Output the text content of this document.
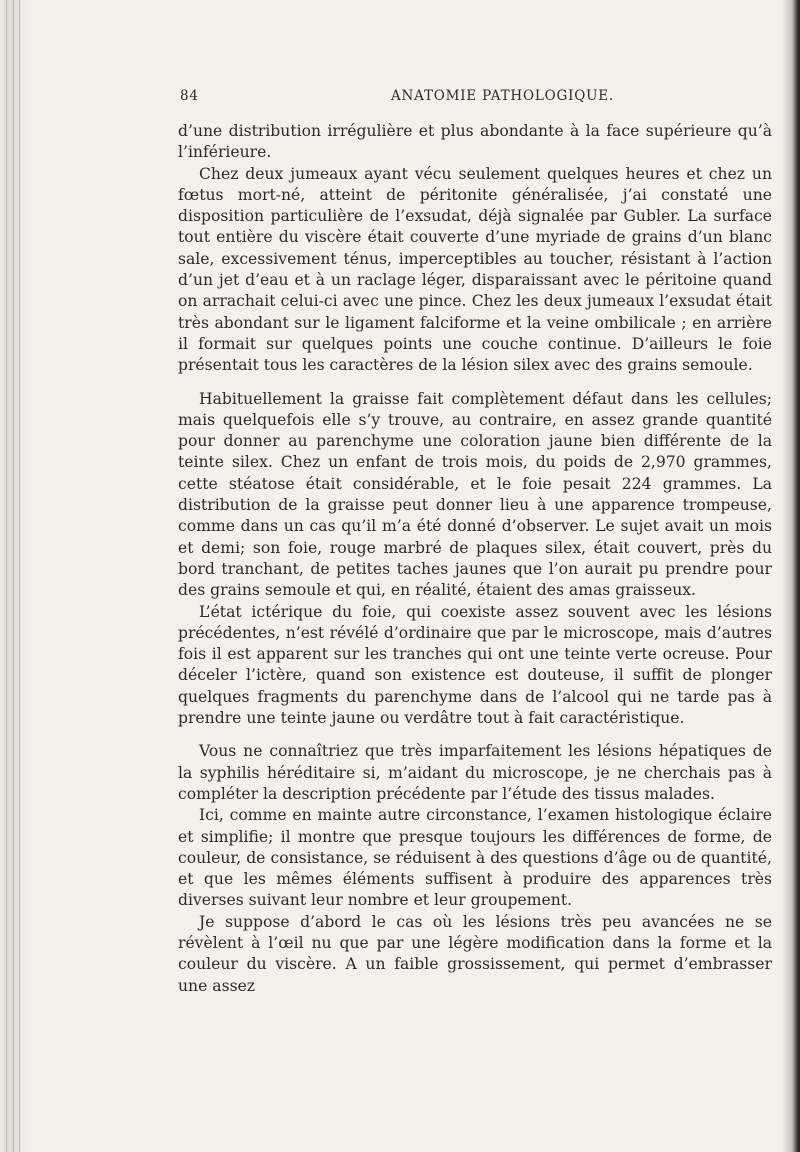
84	ANATOMIE PATHOLOGIQUE.

d’une distribution irrégulière et plus abondante à la face supérieure qu’à l’inférieure.

Chez deux jumeaux ayant vécu seulement quelques heures et chez un fœtus mort-né, atteint de péritonite généralisée, j’ai constaté une disposition particulière de l’exsudat, déjà signalée par Gubler. La surface tout entière du viscère était couverte d’une myriade de grains d’un blanc sale, excessivement ténus, imperceptibles au toucher, résistant à l’action d’un jet d’eau et à un raclage léger, disparaissant avec le péritoine quand on arrachait celui-ci avec une pince. Chez les deux jumeaux l’exsudat était très abondant sur le ligament falciforme et la veine ombilicale ; en arrière il formait sur quelques points une couche continue. D’ailleurs le foie présentait tous les caractères de la lésion silex avec des grains semoule.

Habituellement la graisse fait complètement défaut dans les cellules; mais quelquefois elle s’y trouve, au contraire, en assez grande quantité pour donner au parenchyme une coloration jaune bien différente de la teinte silex. Chez un enfant de trois mois, du poids de 2,970 grammes, cette stéatose était considérable, et le foie pesait 224 grammes. La distribution de la graisse peut donner lieu à une apparence trompeuse, comme dans un cas qu’il m’a été donné d’observer. Le sujet avait un mois et demi; son foie, rouge marbré de plaques silex, était couvert, près du bord tranchant, de petites taches jaunes que l’on aurait pu prendre pour des grains semoule et qui, en réalité, étaient des amas graisseux.

L’état ictérique du foie, qui coexiste assez souvent avec les lésions précédentes, n’est révélé d’ordinaire que par le microscope, mais d’autres fois il est apparent sur les tranches qui ont une teinte verte ocreuse. Pour déceler l’ictère, quand son existence est douteuse, il suffit de plonger quelques fragments du parenchyme dans de l’alcool qui ne tarde pas à prendre une teinte jaune ou verdâtre tout à fait caractéristique.

Vous ne connaîtriez que très imparfaitement les lésions hépatiques de la syphilis héréditaire si, m’aidant du microscope, je ne cherchais pas à compléter la description précédente par l’étude des tissus malades.

Ici, comme en mainte autre circonstance, l’examen histologique éclaire et simplifie; il montre que presque toujours les différences de forme, de couleur, de consistance, se réduisent à des questions d’âge ou de quantité, et que les mêmes éléments suffisent à produire des apparences très diverses suivant leur nombre et leur groupement.

Je suppose d’abord le cas où les lésions très peu avancées ne se révèlent à l’œil nu que par une légère modification dans la forme et la couleur du viscère. A un faible grossissement, qui permet d’embrasser une assez
